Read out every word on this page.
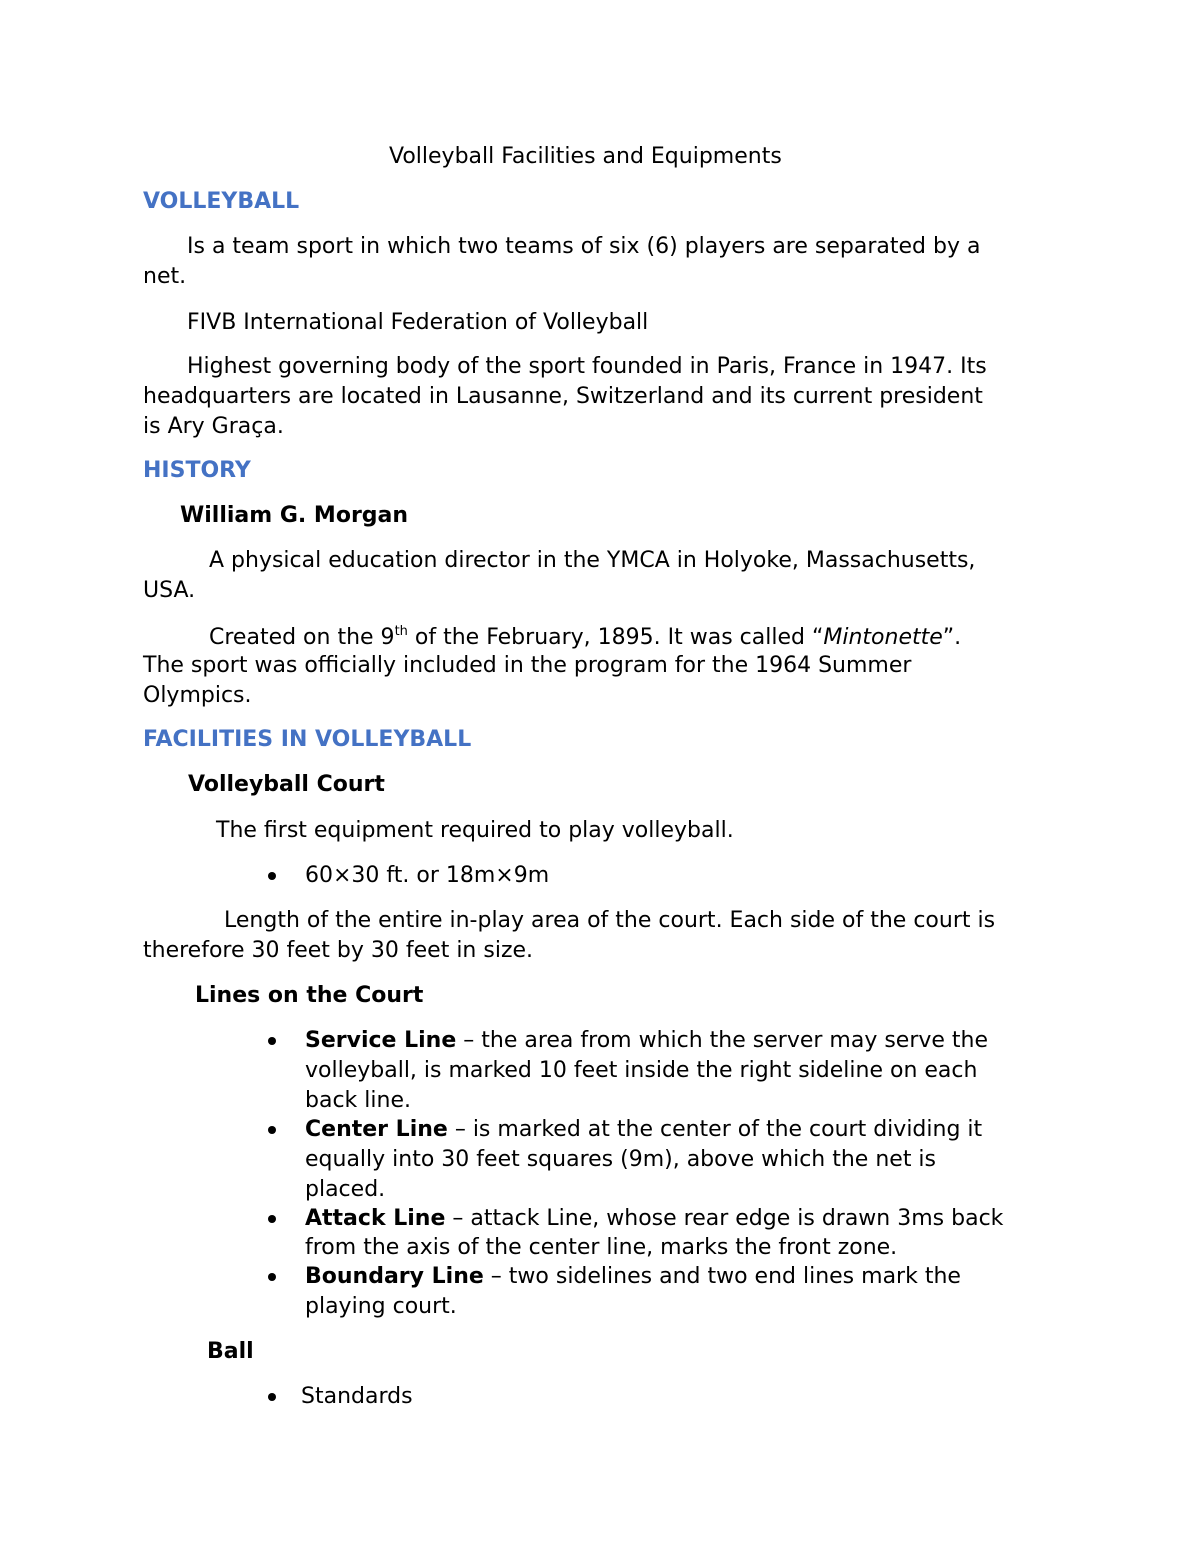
Volleyball Facilities and Equipments
VOLLEYBALL
Is a team sport in which two teams of six (6) players are separated by a
net.
FIVB International Federation of Volleyball
Highest governing body of the sport founded in Paris, France in 1947. Its
headquarters are located in Lausanne, Switzerland and its current president
is Ary Graça.
HISTORY
William G. Morgan
A physical education director in the YMCA in Holyoke, Massachusetts,
USA.
Created on the 9th of the February, 1895. It was called “Mintonette”.
The sport was officially included in the program for the 1964 Summer
Olympics.
FACILITIES IN VOLLEYBALL
Volleyball Court
The first equipment required to play volleyball.
60×30 ft. or 18m×9m
Length of the entire in-play area of the court. Each side of the court is
therefore 30 feet by 30 feet in size.
Lines on the Court
Service Line – the area from which the server may serve the
volleyball, is marked 10 feet inside the right sideline on each
back line.
Center Line – is marked at the center of the court dividing it
equally into 30 feet squares (9m), above which the net is
placed.
Attack Line – attack Line, whose rear edge is drawn 3ms back
from the axis of the center line, marks the front zone.
Boundary Line – two sidelines and two end lines mark the
playing court.
Ball
Standards
